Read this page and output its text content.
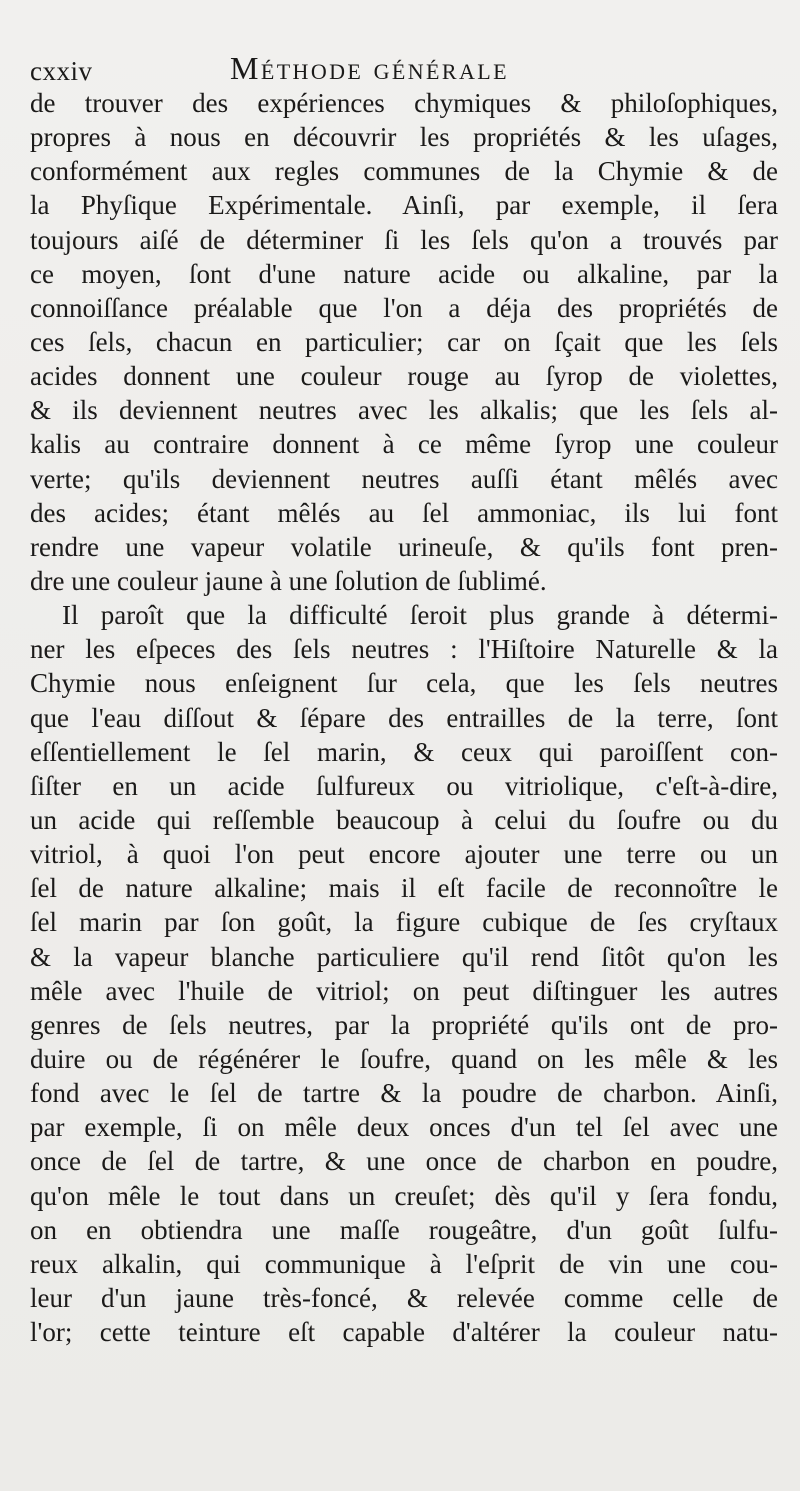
cxxiv	Méthode générale
de trouver des expériences chymiques & philoſophiques,
propres à nous en découvrir les propriétés & les uſages,
conformément aux regles communes de la Chymie & de
la Phyſique Expérimentale. Ainſi, par exemple, il ſera
toujours aiſé de déterminer ſi les ſels qu'on a trouvés par
ce moyen, ſont d'une nature acide ou alkaline, par la
connoiſſance préalable que l'on a déja des propriétés de
ces ſels, chacun en particulier; car on ſçait que les ſels
acides donnent une couleur rouge au ſyrop de violettes,
& ils deviennent neutres avec les alkalis; que les ſels al-
kalis au contraire donnent à ce même ſyrop une couleur
verte; qu'ils deviennent neutres auſſi étant mêlés avec
des acides; étant mêlés au ſel ammoniac, ils lui font
rendre une vapeur volatile urineuſe, & qu'ils font pren-
dre une couleur jaune à une ſolution de ſublimé.
Il paroît que la difficulté ſeroit plus grande à détermi-
ner les eſpeces des ſels neutres : l'Hiſtoire Naturelle & la
Chymie nous enſeignent ſur cela, que les ſels neutres
que l'eau diſſout & ſépare des entrailles de la terre, ſont
eſſentiellement le ſel marin, & ceux qui paroiſſent con-
ſiſter en un acide ſulfureux ou vitriolique, c'eſt-à-dire,
un acide qui reſſemble beaucoup à celui du ſoufre ou du
vitriol, à quoi l'on peut encore ajouter une terre ou un
ſel de nature alkaline; mais il eſt facile de reconnoître le
ſel marin par ſon goût, la figure cubique de ſes cryſtaux
& la vapeur blanche particuliere qu'il rend ſitôt qu'on les
mêle avec l'huile de vitriol; on peut diſtinguer les autres
genres de ſels neutres, par la propriété qu'ils ont de pro-
duire ou de régénérer le ſoufre, quand on les mêle & les
fond avec le ſel de tartre & la poudre de charbon. Ainſi,
par exemple, ſi on mêle deux onces d'un tel ſel avec une
once de ſel de tartre, & une once de charbon en poudre,
qu'on mêle le tout dans un creuſet; dès qu'il y ſera fondu,
on en obtiendra une maſſe rougeâtre, d'un goût ſulfu-
reux alkalin, qui communique à l'eſprit de vin une cou-
leur d'un jaune très-foncé, & relevée comme celle de
l'or; cette teinture eſt capable d'altérer la couleur natu-
